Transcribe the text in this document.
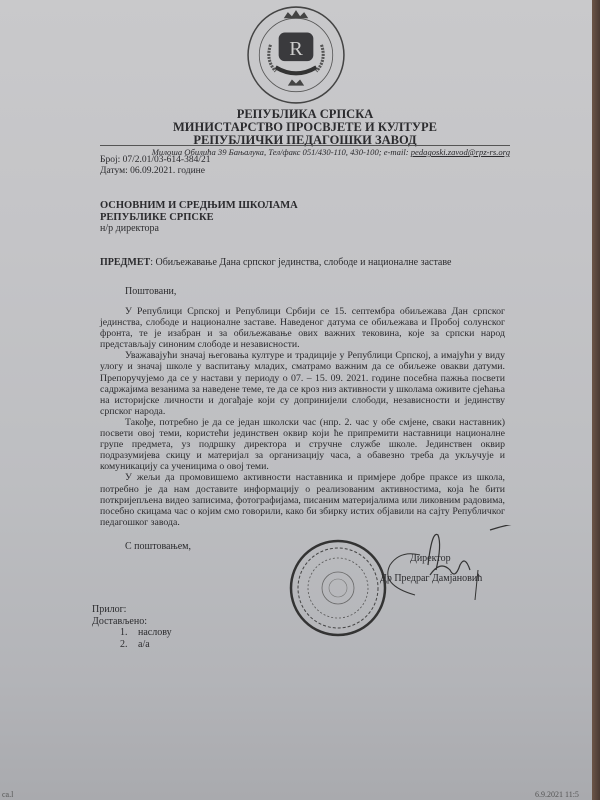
R
РЕПУБЛИКА СРПСКА
МИНИСТАРСТВО ПРОСВЈЕТЕ И КУЛТУРЕ
РЕПУБЛИЧКИ ПЕДАГОШКИ ЗАВОД
Милоша Обилића 39 Бањалука, Тел/факс 051/430-110, 430-100; e-mail: pedagoski.zavod@rpz-rs.org
Број: 07/2.01/03-614-384/21
Датум: 06.09.2021. године
ОСНОВНИМ И СРЕДЊИМ ШКОЛАМА
РЕПУБЛИКЕ СРПСКЕ
н/р директора
ПРЕДМЕТ: Обиљежавање Дана српског јединства, слободе и националне заставе
Поштовани,

У Републици Српској и Републици Србији се 15. септембра обиљежава Дан српског јединства, слободе и националне заставе. Наведеног датума се обиљежава и Пробој солунског фронта, те је изабран и за обиљежавање ових важних тековина, које за српски народ представљају синоним слободе и независности.

Уважавајући значај његовања културе и традиције у Републици Српској, а имајући у виду улогу и значај школе у васпитању младих, сматрамо важним да се обиљеже овакви датуми. Препоручујемо да се у настави у периоду о 07. – 15. 09. 2021. године посебна пажња посвети садржајима везанима за наведене теме, те да се кроз низ активности у школама оживите сјећања на историјске личности и догађаје који су допринијели слободи, независности и јединству српског народа.

Такође, потребно је да се један школски час (нпр. 2. час у обе смјене, сваки наставник) посвети овој теми, користећи јединствен оквир који ће припремити наставници националне групе предмета, уз подршку директора и стручне службе школе. Јединствен оквир подразумијева скицу и материјал за организацију часа, а обавезно треба да укључује и комуникацију са ученицима о овој теми.

У жељи да промовишемо активности наставника и примјере добре праксе из школа, потребно је да нам доставите информацију о реализованим активностима, која ће бити поткријепљена видео записима, фотографијама, писаним материјалима или ликовним радовима, посебно скицама час о којим смо говорили, како би збирку истих објавили на сајту Републичког педагошког завода.

С поштовањем,
Директор
Др Предраг Дамјановић
Прилог:
Достављено:
1. наслову
2. а/а
ca.l	6.9.2021 11:5
